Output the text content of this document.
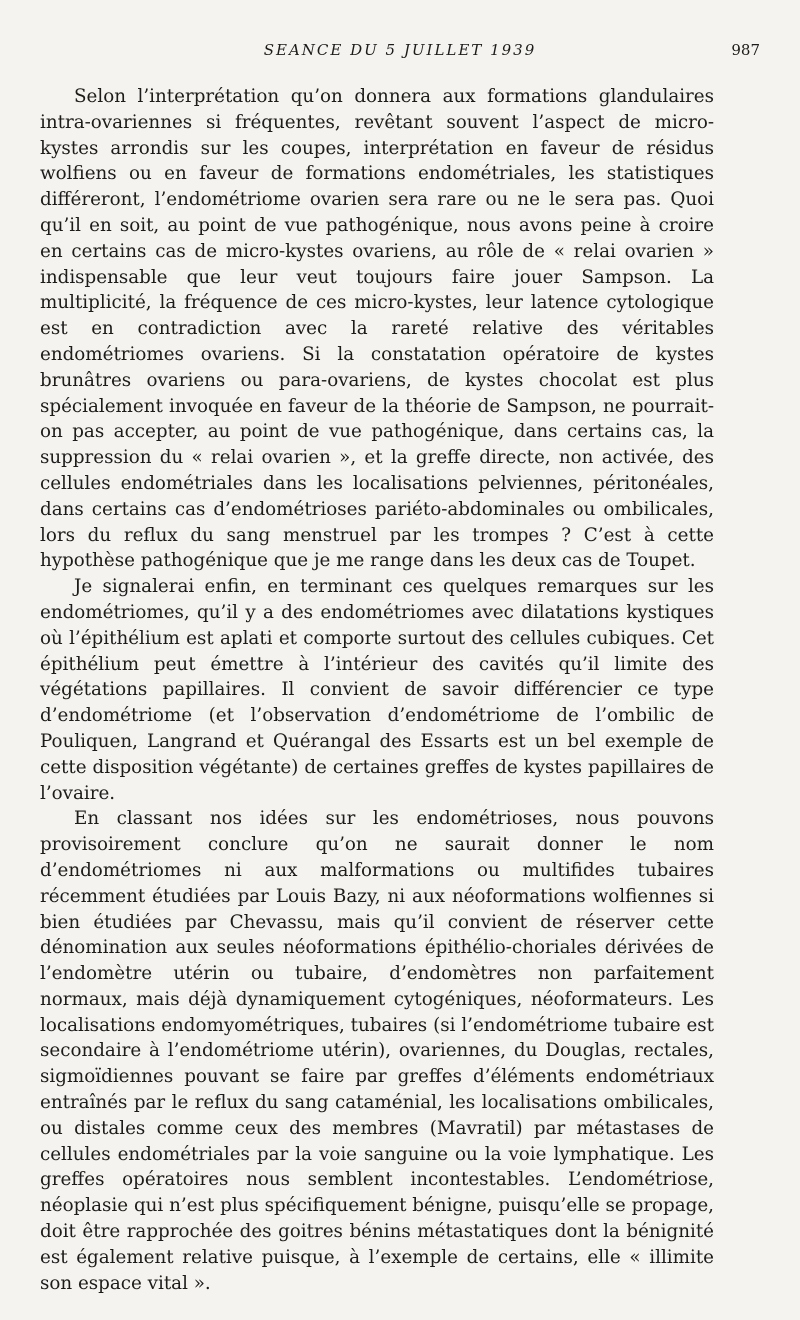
SEANCE DU 5 JUILLET 1939	987

Selon l’interprétation qu’on donnera aux formations glandulaires intra-ovariennes si fréquentes, revêtant souvent l’aspect de micro-kystes arrondis sur les coupes, interprétation en faveur de résidus wolfiens ou en faveur de formations endométriales, les statistiques différeront, l’endométriome ovarien sera rare ou ne le sera pas. Quoi qu’il en soit, au point de vue pathogénique, nous avons peine à croire en certains cas de micro-kystes ovariens, au rôle de « relai ovarien » indispensable que leur veut toujours faire jouer Sampson. La multiplicité, la fréquence de ces micro-kystes, leur latence cytologique est en contradiction avec la rareté relative des véritables endométriomes ovariens. Si la constatation opératoire de kystes brunâtres ovariens ou para-ovariens, de kystes chocolat est plus spécialement invoquée en faveur de la théorie de Sampson, ne pourrait-on pas accepter, au point de vue pathogénique, dans certains cas, la suppression du « relai ovarien », et la greffe directe, non activée, des cellules endométriales dans les localisations pelviennes, péritonéales, dans certains cas d’endométrioses pariéto-abdominales ou ombilicales, lors du reflux du sang menstruel par les trompes ? C’est à cette hypothèse pathogénique que je me range dans les deux cas de Toupet.

Je signalerai enfin, en terminant ces quelques remarques sur les endométriomes, qu’il y a des endométriomes avec dilatations kystiques où l’épithélium est aplati et comporte surtout des cellules cubiques. Cet épithélium peut émettre à l’intérieur des cavités qu’il limite des végétations papillaires. Il convient de savoir différencier ce type d’endométriome (et l’observation d’endométriome de l’ombilic de Pouliquen, Langrand et Quérangal des Essarts est un bel exemple de cette disposition végétante) de certaines greffes de kystes papillaires de l’ovaire.

En classant nos idées sur les endométrioses, nous pouvons provisoirement conclure qu’on ne saurait donner le nom d’endométriomes ni aux malformations ou multifides tubaires récemment étudiées par Louis Bazy, ni aux néoformations wolfiennes si bien étudiées par Chevassu, mais qu’il convient de réserver cette dénomination aux seules néoformations épithélio-choriales dérivées de l’endomètre utérin ou tubaire, d’endomètres non parfaitement normaux, mais déjà dynamiquement cytogéniques, néoformateurs. Les localisations endomyométriques, tubaires (si l’endométriome tubaire est secondaire à l’endométriome utérin), ovariennes, du Douglas, rectales, sigmoïdiennes pouvant se faire par greffes d’éléments endométriaux entraînés par le reflux du sang cataménial, les localisations ombilicales, ou distales comme ceux des membres (Mavratil) par métastases de cellules endométriales par la voie sanguine ou la voie lymphatique. Les greffes opératoires nous semblent incontestables. L’endométriose, néoplasie qui n’est plus spécifiquement bénigne, puisqu’elle se propage, doit être rapprochée des goitres bénins métastatiques dont la bénignité est également relative puisque, à l’exemple de certains, elle « illimite son espace vital ».
